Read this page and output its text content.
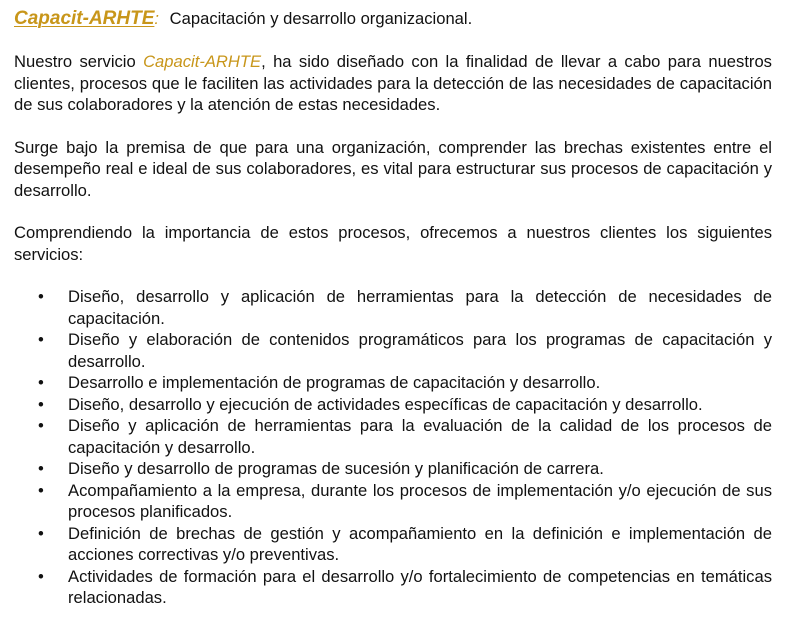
Capacit-ARHTE: Capacitación y desarrollo organizacional.

Nuestro servicio Capacit-ARHTE, ha sido diseñado con la finalidad de llevar a cabo para nuestros clientes, procesos que le faciliten las actividades para la detección de las necesidades de capacitación de sus colaboradores y la atención de estas necesidades.

Surge bajo la premisa de que para una organización, comprender las brechas existentes entre el desempeño real e ideal de sus colaboradores, es vital para estructurar sus procesos de capacitación y desarrollo.

Comprendiendo la importancia de estos procesos, ofrecemos a nuestros clientes los siguientes servicios:

• Diseño, desarrollo y aplicación de herramientas para la detección de necesidades de capacitación.
• Diseño y elaboración de contenidos programáticos para los programas de capacitación y desarrollo.
• Desarrollo e implementación de programas de capacitación y desarrollo.
• Diseño, desarrollo y ejecución de actividades específicas de capacitación y desarrollo.
• Diseño y aplicación de herramientas para la evaluación de la calidad de los procesos de capacitación y desarrollo.
• Diseño y desarrollo de programas de sucesión y planificación de carrera.
• Acompañamiento a la empresa, durante los procesos de implementación y/o ejecución de sus procesos planificados.
• Definición de brechas de gestión y acompañamiento en la definición e implementación de acciones correctivas y/o preventivas.
• Actividades de formación para el desarrollo y/o fortalecimiento de competencias en temáticas relacionadas.
